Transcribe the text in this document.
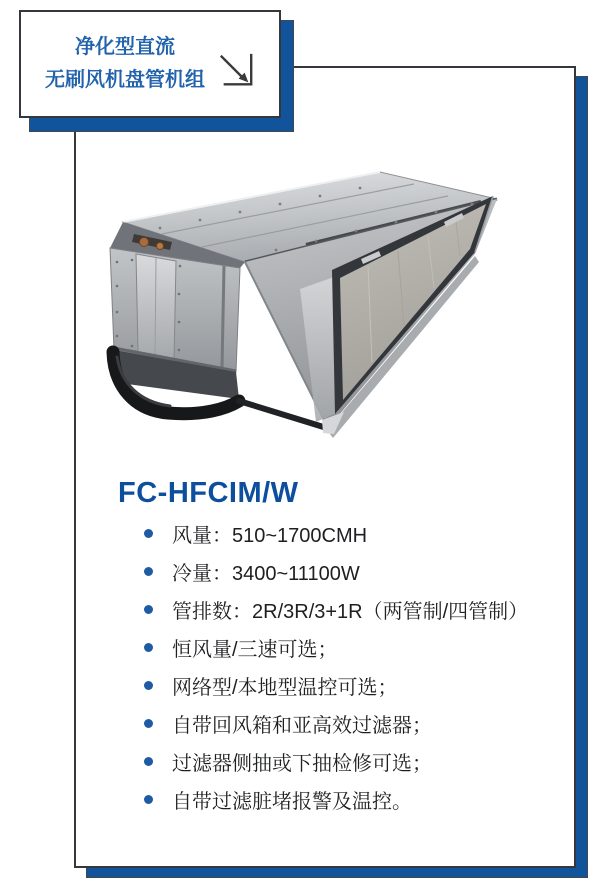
FC-HFCIM/W
风量：510~1700CMH
冷量：3400~11100W
管排数：2R/3R/3+1R（两管制/四管制）
恒风量/三速可选；
网络型/本地型温控可选；
自带回风箱和亚高效过滤器；
过滤器侧抽或下抽检修可选；
自带过滤脏堵报警及温控。
净化型直流
无刷风机盘管机组
